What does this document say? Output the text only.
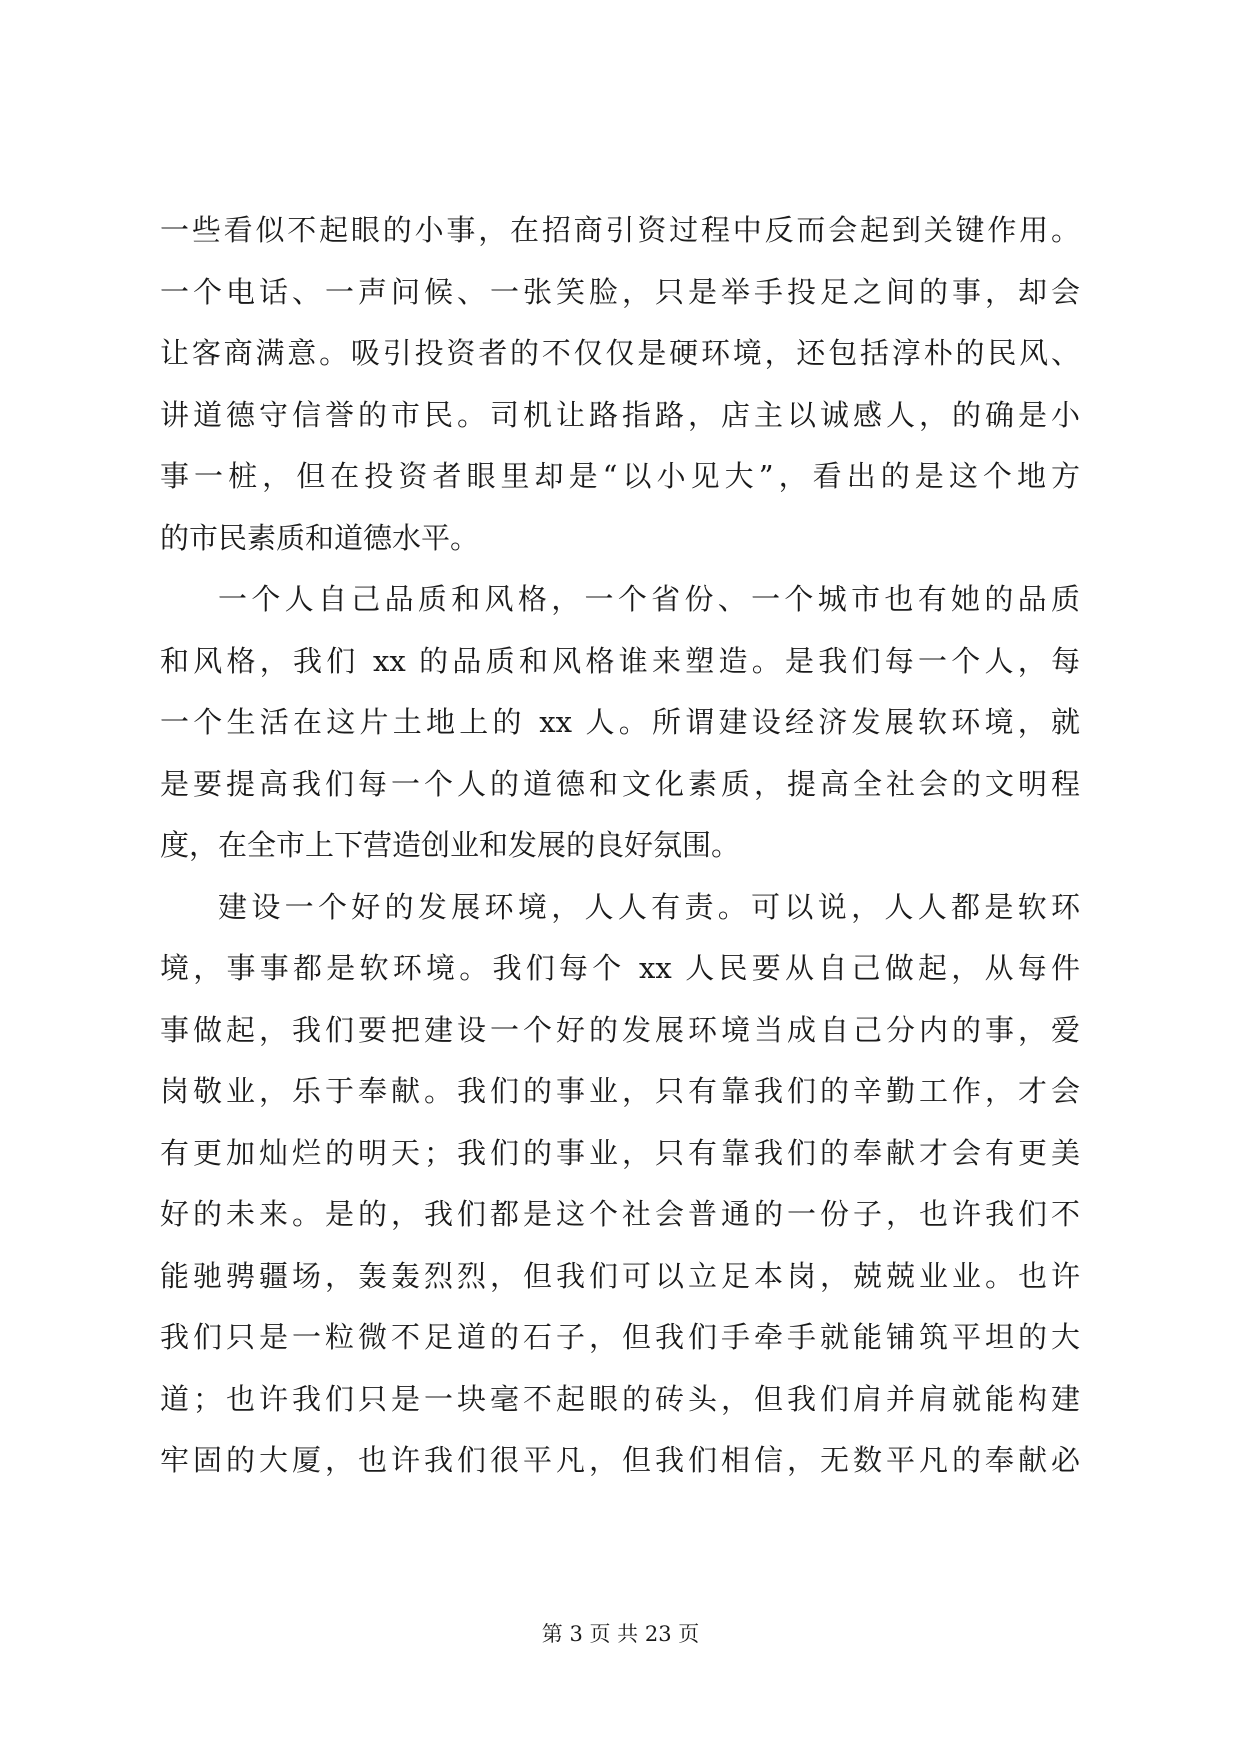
一些看似不起眼的小事，在招商引资过程中反而会起到关键作用。
一个电话、一声问候、一张笑脸，只是举手投足之间的事，却会
让客商满意。吸引投资者的不仅仅是硬环境，还包括淳朴的民风、
讲道德守信誉的市民。司机让路指路，店主以诚感人，的确是小
事一桩，但在投资者眼里却是“以小见大”，看出的是这个地方
的市民素质和道德水平。
一个人自己品质和风格，一个省份、一个城市也有她的品质
和风格，我们 xx 的品质和风格谁来塑造。是我们每一个人，每
一个生活在这片土地上的 xx 人。所谓建设经济发展软环境，就
是要提高我们每一个人的道德和文化素质，提高全社会的文明程
度，在全市上下营造创业和发展的良好氛围。
建设一个好的发展环境，人人有责。可以说，人人都是软环
境，事事都是软环境。我们每个 xx 人民要从自己做起，从每件
事做起，我们要把建设一个好的发展环境当成自己分内的事，爱
岗敬业，乐于奉献。我们的事业，只有靠我们的辛勤工作，才会
有更加灿烂的明天；我们的事业，只有靠我们的奉献才会有更美
好的未来。是的，我们都是这个社会普通的一份子，也许我们不
能驰骋疆场，轰轰烈烈，但我们可以立足本岗，兢兢业业。也许
我们只是一粒微不足道的石子，但我们手牵手就能铺筑平坦的大
道；也许我们只是一块毫不起眼的砖头，但我们肩并肩就能构建
牢固的大厦，也许我们很平凡，但我们相信，无数平凡的奉献必
第 3 页 共 23 页
